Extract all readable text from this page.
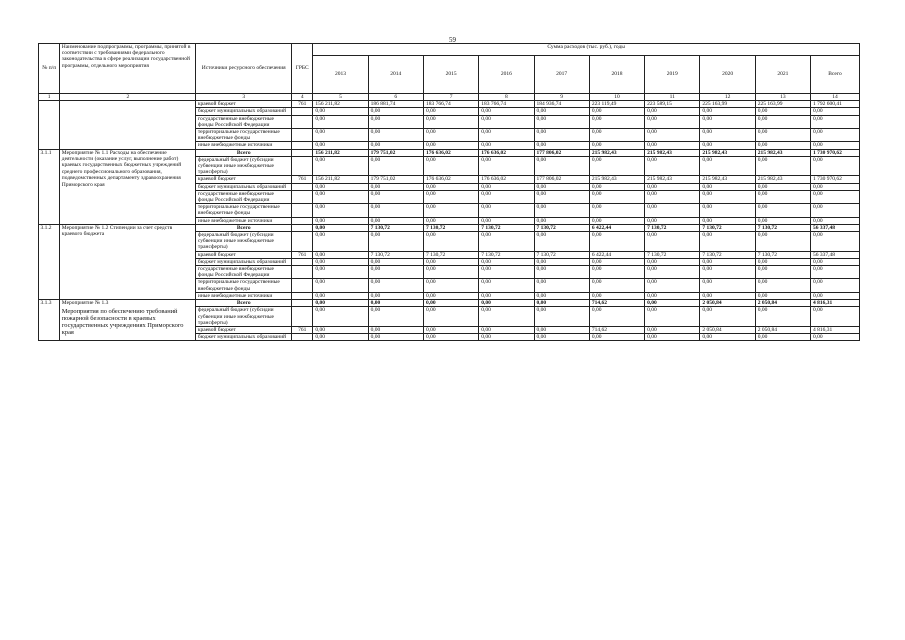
59
№ п/п	Наименование подпрограммы, программы, принятой в соответствии с требованиями федерального законодательства в сфере реализации государственной программы, отдельного мероприятия	Источники ресурсного обеспечения	ГРБС	Сумма расходов (тыс. руб.), годы									
				2013	2014	2015	2016	2017	2018	2019	2020	2021	Всего
1	2	3	4	5	6	7	8	9	10	11	12	13	14
		краевой бюджет	761	156 211,82	186 881,74	183 766,74	183 766,74	184 936,74	223 119,49	223 589,15	225 163,99	225 163,99	1 792 600,41
		бюджет муниципальных образований		0,00	0,00	0,00	0,00	0,00	0,00	0,00	0,00	0,00	0,00
		государственные внебюджетные фонды Российской Федерации		0,00	0,00	0,00	0,00	0,00	0,00	0,00	0,00	0,00	0,00
		территориальные государственные внебюджетные фонды		0,00	0,00	0,00	0,00	0,00	0,00	0,00	0,00	0,00	0,00
		иные внебюджетные источники		0,00	0,00	0,00	0,00	0,00	0,00	0,00	0,00	0,00	0,00
3.1.1	Мероприятие № 1.1 Расходы на обеспечение деятельности (оказание услуг, выполнение работ) краевых государственных бюджетных учреждений среднего профессионального образования, подведомственных департаменту здравоохранения Приморского края	Всего		156 211,82	179 751,02	176 636,02	176 636,02	177 806,02	215 982,43	215 982,43	215 982,43	215 982,43	1 730 970,62
		федеральный бюджет (субсидии субвенции иные межбюджетные трансферты)		0,00	0,00	0,00	0,00	0,00	0,00	0,00	0,00	0,00	0,00
		краевой бюджет	761	156 211,82	179 751,02	176 636,02	176 636,02	177 806,02	215 982,43	215 982,43	215 982,43	215 982,43	1 730 970,62
		бюджет муниципальных образований		0,00	0,00	0,00	0,00	0,00	0,00	0,00	0,00	0,00	0,00
		государственные внебюджетные фонды Российской Федерации		0,00	0,00	0,00	0,00	0,00	0,00	0,00	0,00	0,00	0,00
		территориальные государственные внебюджетные фонды		0,00	0,00	0,00	0,00	0,00	0,00	0,00	0,00	0,00	0,00
		иные внебюджетные источники		0,00	0,00	0,00	0,00	0,00	0,00	0,00	0,00	0,00	0,00
3.1.2	Мероприятие № 1.2 Стипендии за счет средств краевого бюджета	Всего		0,00	7 130,72	7 130,72	7 130,72	7 130,72	6 422,44	7 130,72	7 130,72	7 130,72	56 337,48
		федеральный бюджет (субсидии субвенции иные межбюджетные трансферты)		0,00	0,00	0,00	0,00	0,00	0,00	0,00	0,00	0,00	0,00
		краевой бюджет	761	0,00	7 130,72	7 130,72	7 130,72	7 130,72	6 422,44	7 130,72	7 130,72	7 130,72	56 337,48
		бюджет муниципальных образований		0,00	0,00	0,00	0,00	0,00	0,00	0,00	0,00	0,00	0,00
		государственные внебюджетные фонды Российской Федерации		0,00	0,00	0,00	0,00	0,00	0,00	0,00	0,00	0,00	0,00
		территориальные государственные внебюджетные фонды		0,00	0,00	0,00	0,00	0,00	0,00	0,00	0,00	0,00	0,00
		иные внебюджетные источники		0,00	0,00	0,00	0,00	0,00	0,00	0,00	0,00	0,00	0,00
3.1.3	Мероприятие № 1.3
Мероприятия по обеспечению требований пожарной безопасности в краевых государственных учреждениях Приморского края	Всего		0,00	0,00	0,00	0,00	0,00	714,62	0,00	2 050,84	2 050,84	4 816,31
		федеральный бюджет (субсидии субвенции иные межбюджетные трансферты)		0,00	0,00	0,00	0,00	0,00	0,00	0,00	0,00	0,00	0,00
		краевой бюджет	761	0,00	0,00	0,00	0,00	0,00	714,62	0,00	2 050,84	2 050,84	4 816,31
		бюджет муниципальных образований		0,00	0,00	0,00	0,00	0,00	0,00	0,00	0,00	0,00	0,00
